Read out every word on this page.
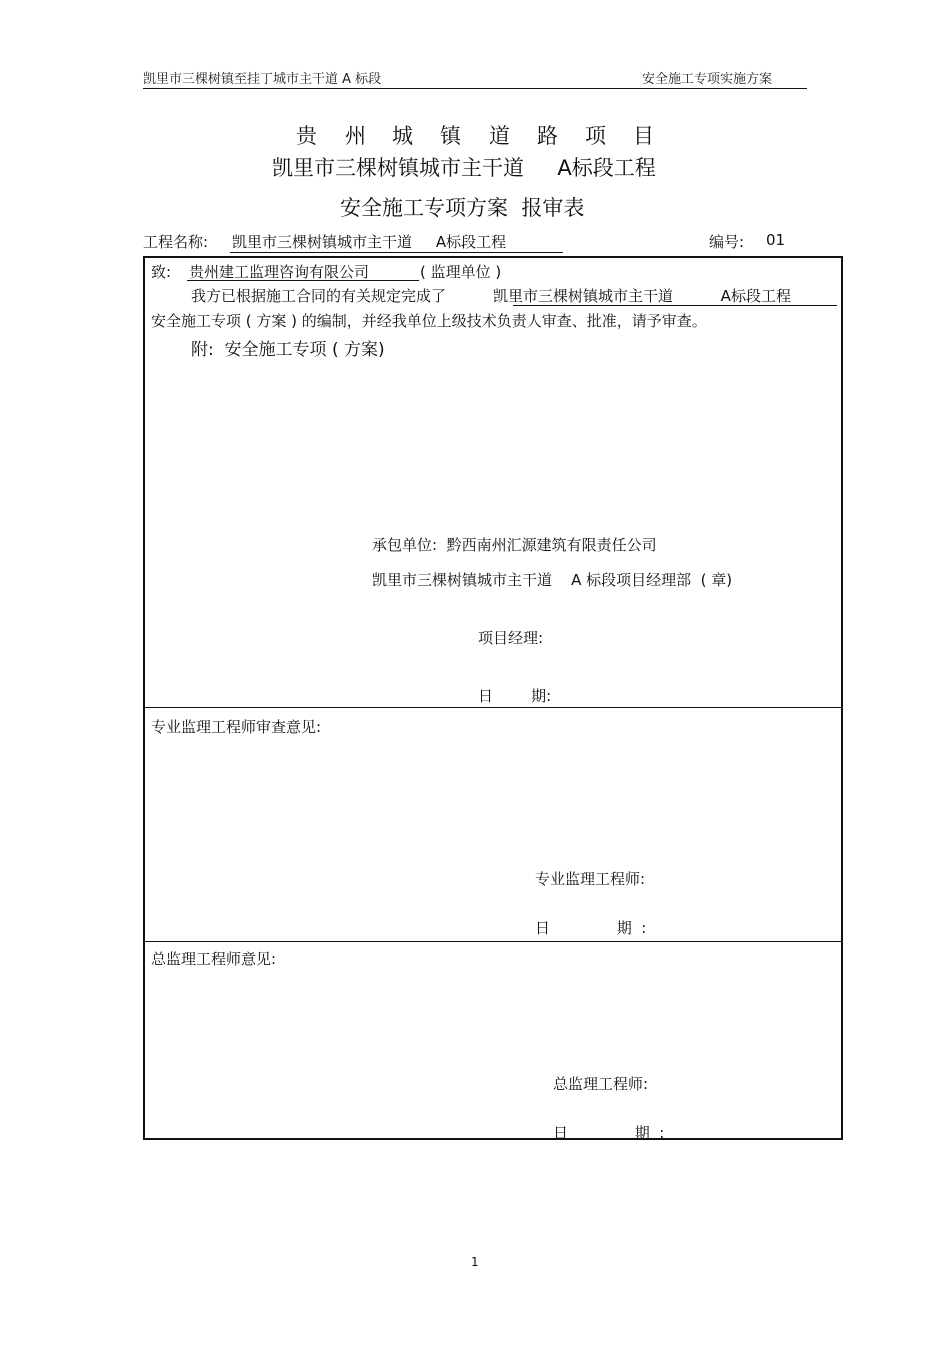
凯里市三棵树镇至挂丁城市主干道 A 标段	安全施工专项实施方案
贵 州 城 镇 道 路 项 目
凯里市三棵树镇城市主干道     A标段工程
安全施工专项方案  报审表
工程名称: 凯里市三棵树镇城市主干道     A标段工程	编号: 01
致: 贵州建工监理咨询有限公司	( 监理单位 )
我方已根据施工合同的有关规定完成了	凯里市三棵树镇城市主干道          A标段工程
安全施工专项 ( 方案 ) 的编制，并经我单位上级技术负责人审查、批准，请予审查。
附:  安全施工专项 ( 方案)
承包单位:  黔西南州汇源建筑有限责任公司
凯里市三棵树镇城市主干道    A 标段项目经理部  ( 章)
项目经理:
日        期:
专业监理工程师审查意见:
专业监理工程师:
日              期  :
总监理工程师意见:
总监理工程师:
日              期  :
1
